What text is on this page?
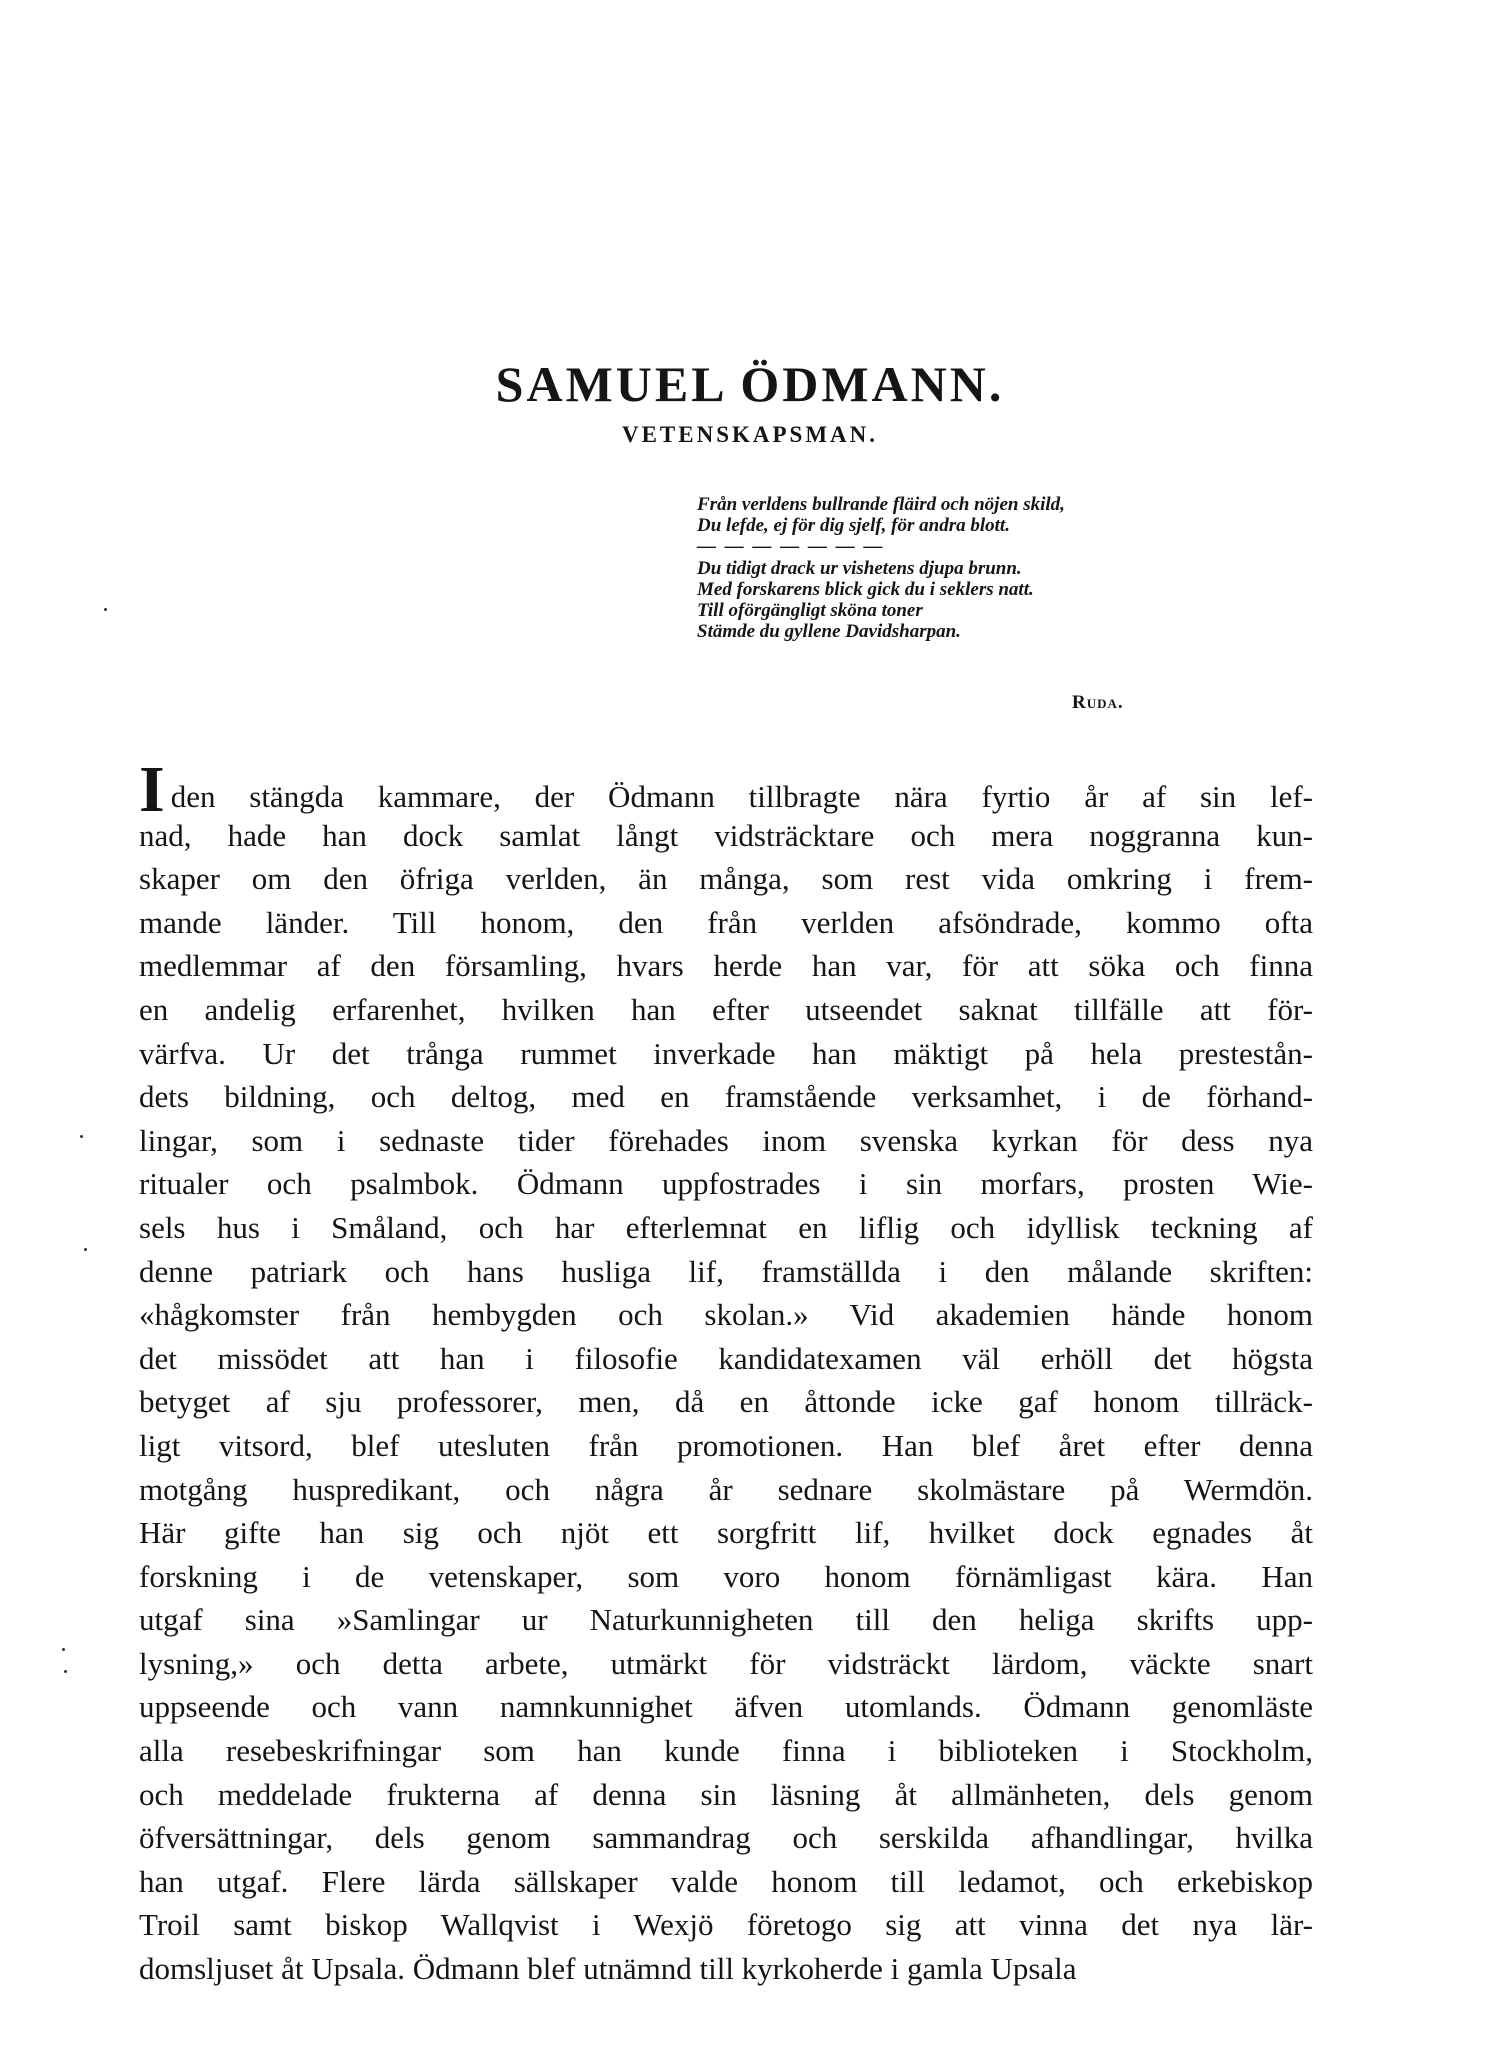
SAMUEL ÖDMANN.
VETENSKAPSMAN.
Från verldens bullrande fläird och nöjen skild,
Du lefde, ej för dig sjelf, för andra blott.
— — — — — — —
Du tidigt drack ur vishetens djupa brunn.
Med forskarens blick gick du i seklers natt.
Till oförgängligt sköna toner
Stämde du gyllene Davidsharpan.
Ruda.
Iden stängda kammare, der Ödmann tillbragte nära fyrtio år af sin lef-
nad, hade han dock samlat långt vidsträcktare och mera noggranna kun-
skaper om den öfriga verlden, än många, som rest vida omkring i frem-
mande länder. Till honom, den från verlden afsöndrade, kommo ofta
medlemmar af den församling, hvars herde han var, för att söka och finna
en andelig erfarenhet, hvilken han efter utseendet saknat tillfälle att för-
värfva. Ur det trånga rummet inverkade han mäktigt på hela prestestån-
dets bildning, och deltog, med en framstående verksamhet, i de förhand-
lingar, som i sednaste tider förehades inom svenska kyrkan för dess nya
ritualer och psalmbok. Ödmann uppfostrades i sin morfars, prosten Wie-
sels hus i Småland, och har efterlemnat en liflig och idyllisk teckning af
denne patriark och hans husliga lif, framställda i den målande skriften:
«hågkomster från hembygden och skolan.» Vid akademien hände honom
det missödet att han i filosofie kandidatexamen väl erhöll det högsta
betyget af sju professorer, men, då en åttonde icke gaf honom tillräck-
ligt vitsord, blef utesluten från promotionen. Han blef året efter denna
motgång huspredikant, och några år sednare skolmästare på Wermdön.
Här gifte han sig och njöt ett sorgfritt lif, hvilket dock egnades åt
forskning i de vetenskaper, som voro honom förnämligast kära. Han
utgaf sina »Samlingar ur Naturkunnigheten till den heliga skrifts upp-
lysning,» och detta arbete, utmärkt för vidsträckt lärdom, väckte snart
uppseende och vann namnkunnighet äfven utomlands. Ödmann genomläste
alla resebeskrifningar som han kunde finna i biblioteken i Stockholm,
och meddelade frukterna af denna sin läsning åt allmänheten, dels genom
öfversättningar, dels genom sammandrag och serskilda afhandlingar, hvilka
han utgaf. Flere lärda sällskaper valde honom till ledamot, och erkebiskop
Troil samt biskop Wallqvist i Wexjö företogo sig att vinna det nya lär-
domsljuset åt Upsala. Ödmann blef utnämnd till kyrkoherde i gamla Upsala
